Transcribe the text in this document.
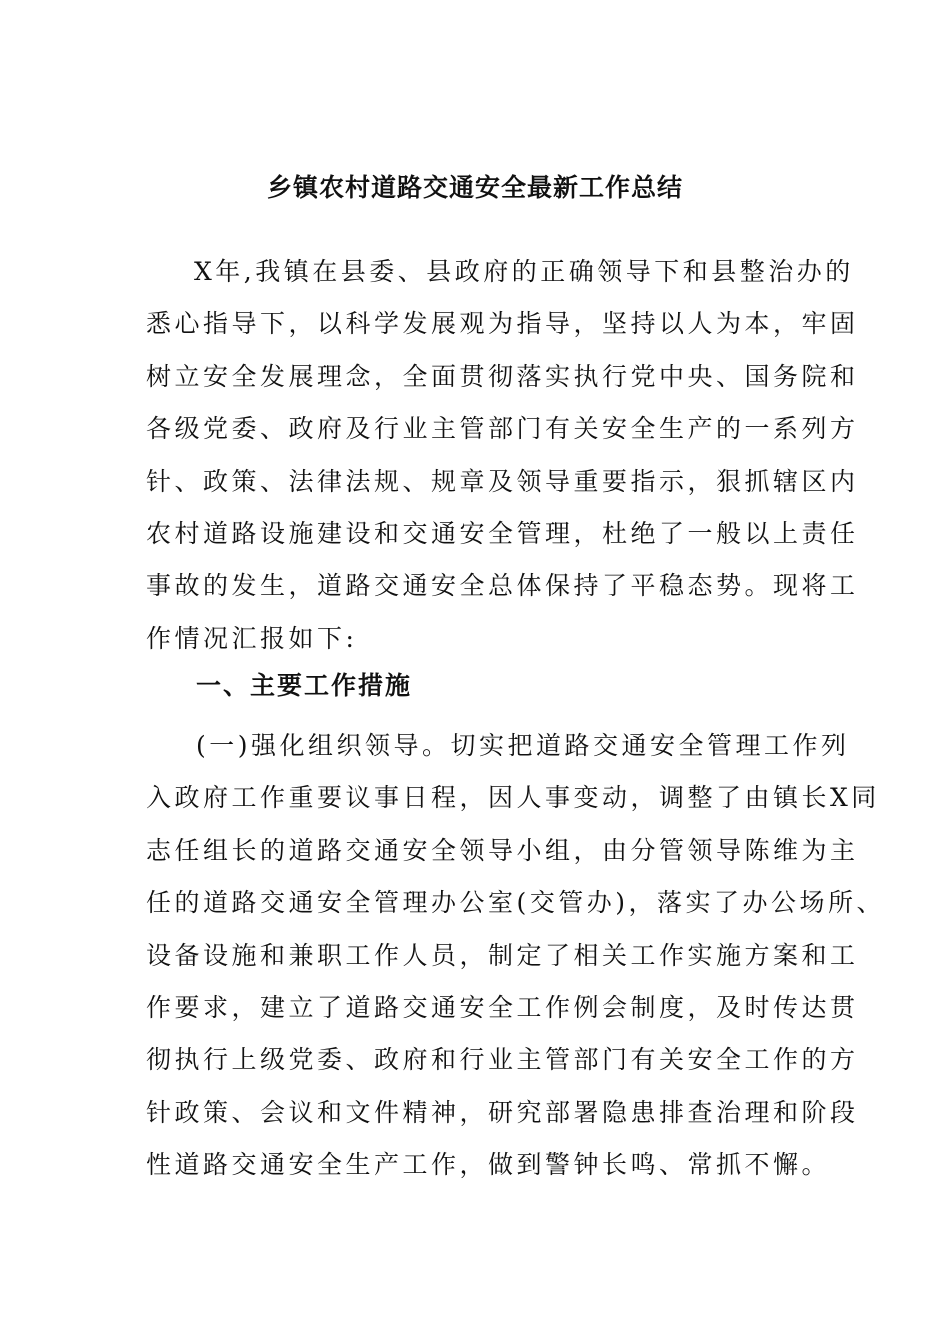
乡镇农村道路交通安全最新工作总结
X年,我镇在县委、县政府的正确领导下和县整治办的
悉心指导下，以科学发展观为指导，坚持以人为本，牢固
树立安全发展理念，全面贯彻落实执行党中央、国务院和
各级党委、政府及行业主管部门有关安全生产的一系列方
针、政策、法律法规、规章及领导重要指示，狠抓辖区内
农村道路设施建设和交通安全管理，杜绝了一般以上责任
事故的发生，道路交通安全总体保持了平稳态势。现将工
作情况汇报如下:
一、主要工作措施
(一)强化组织领导。切实把道路交通安全管理工作列
入政府工作重要议事日程，因人事变动，调整了由镇长X同
志任组长的道路交通安全领导小组，由分管领导陈维为主
任的道路交通安全管理办公室(交管办)，落实了办公场所、
设备设施和兼职工作人员，制定了相关工作实施方案和工
作要求，建立了道路交通安全工作例会制度，及时传达贯
彻执行上级党委、政府和行业主管部门有关安全工作的方
针政策、会议和文件精神，研究部署隐患排查治理和阶段
性道路交通安全生产工作，做到警钟长鸣、常抓不懈。
